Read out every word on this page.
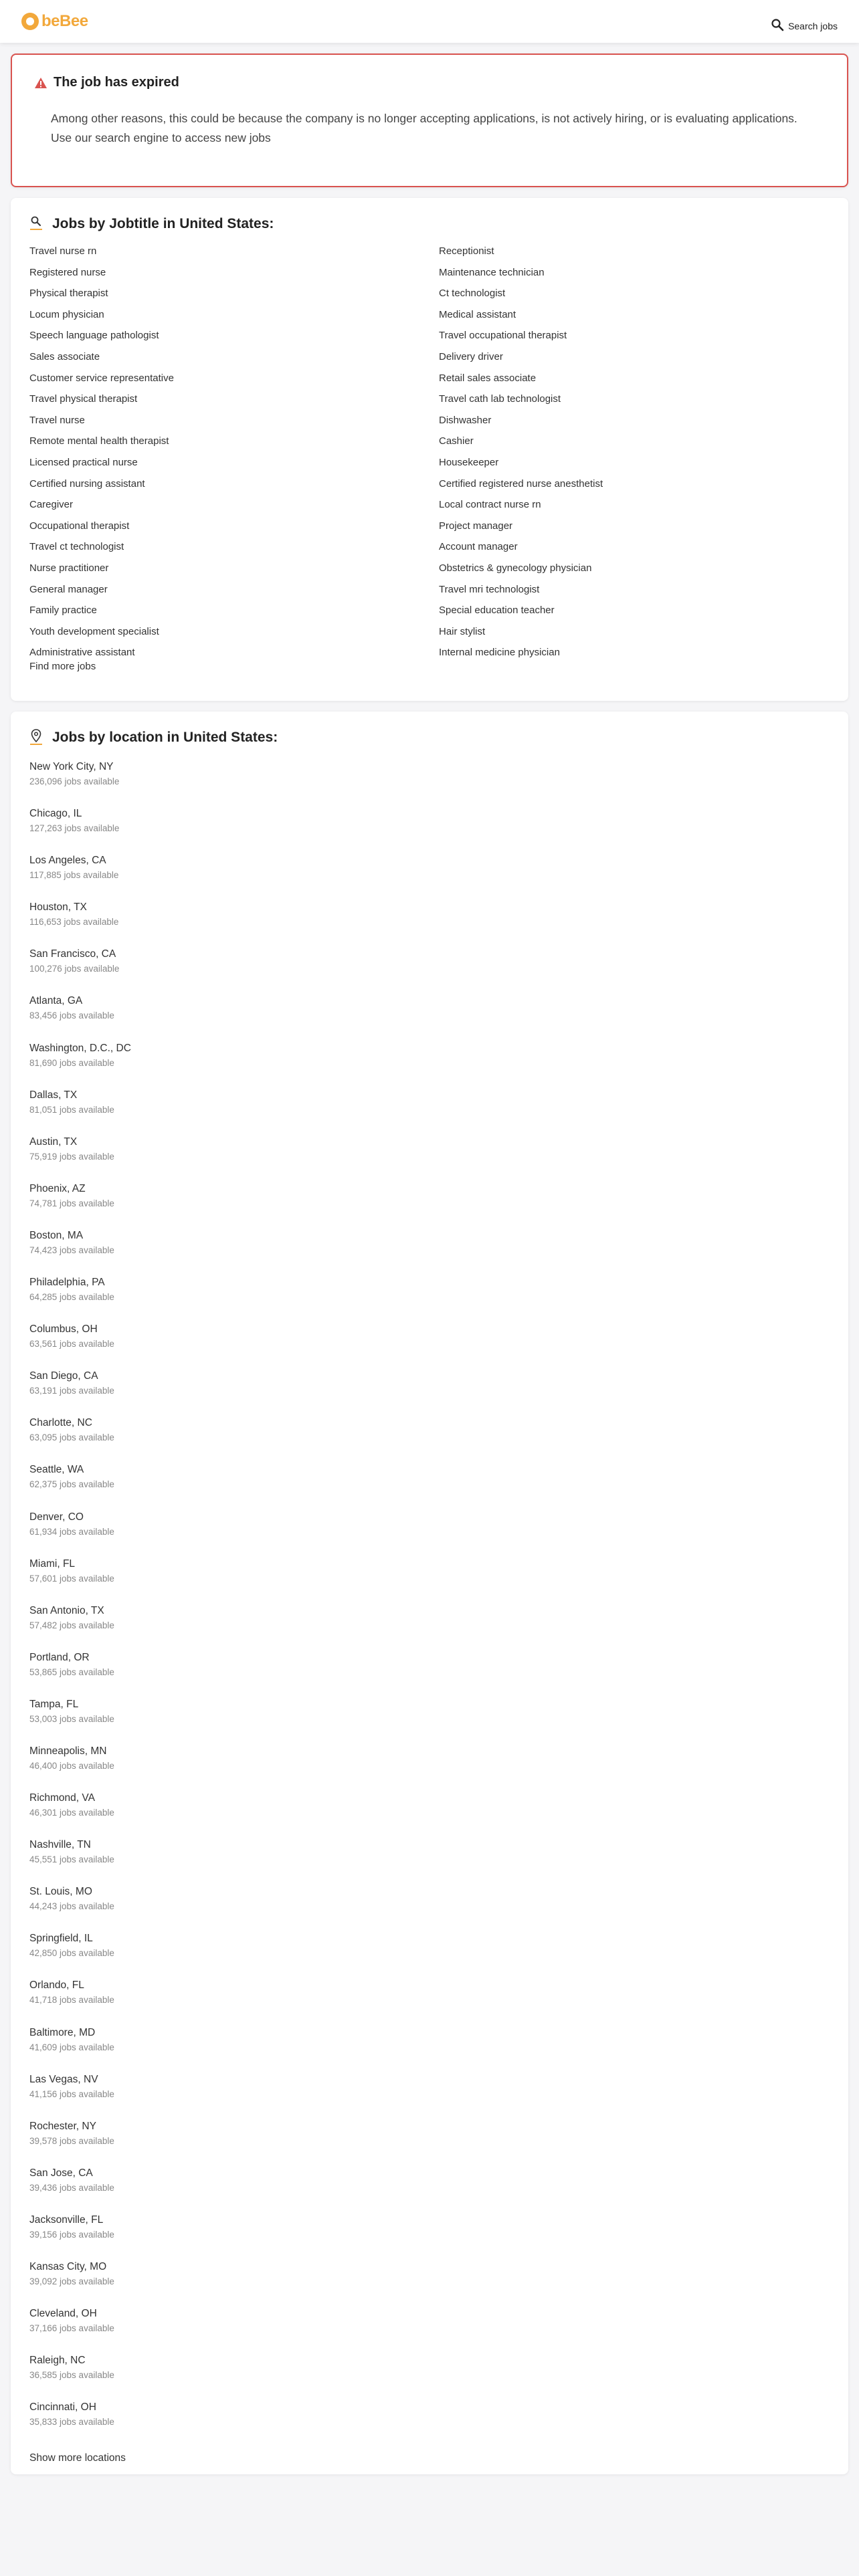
beBee	Search jobs
The job has expired

Among other reasons, this could be because the company is no longer accepting applications, is not actively hiring, or is evaluating applications. Use our search engine to access new jobs

Jobs by Jobtitle in United States:
Travel nurse rn	Receptionist
Registered nurse	Maintenance technician
Physical therapist	Ct technologist
Locum physician	Medical assistant
Speech language pathologist	Travel occupational therapist
Sales associate	Delivery driver
Customer service representative	Retail sales associate
Travel physical therapist	Travel cath lab technologist
Travel nurse	Dishwasher
Remote mental health therapist	Cashier
Licensed practical nurse	Housekeeper
Certified nursing assistant	Certified registered nurse anesthetist
Caregiver	Local contract nurse rn
Occupational therapist	Project manager
Travel ct technologist	Account manager
Nurse practitioner	Obstetrics & gynecology physician
General manager	Travel mri technologist
Family practice	Special education teacher
Youth development specialist	Hair stylist
Administrative assistant	Internal medicine physician
Find more jobs
Jobs by location in United States:
New York City, NY
236,096 jobs available
Chicago, IL
127,263 jobs available
Los Angeles, CA
117,885 jobs available
Houston, TX
116,653 jobs available
San Francisco, CA
100,276 jobs available
Atlanta, GA
83,456 jobs available
Washington, D.C., DC
81,690 jobs available
Dallas, TX
81,051 jobs available
Austin, TX
75,919 jobs available
Phoenix, AZ
74,781 jobs available
Boston, MA
74,423 jobs available
Philadelphia, PA
64,285 jobs available
Columbus, OH
63,561 jobs available
San Diego, CA
63,191 jobs available
Charlotte, NC
63,095 jobs available
Seattle, WA
62,375 jobs available
Denver, CO
61,934 jobs available
Miami, FL
57,601 jobs available
San Antonio, TX
57,482 jobs available
Portland, OR
53,865 jobs available
Tampa, FL
53,003 jobs available
Minneapolis, MN
46,400 jobs available
Richmond, VA
46,301 jobs available
Nashville, TN
45,551 jobs available
St. Louis, MO
44,243 jobs available
Springfield, IL
42,850 jobs available
Orlando, FL
41,718 jobs available
Baltimore, MD
41,609 jobs available
Las Vegas, NV
41,156 jobs available
Rochester, NY
39,578 jobs available
San Jose, CA
39,436 jobs available
Jacksonville, FL
39,156 jobs available
Kansas City, MO
39,092 jobs available
Cleveland, OH
37,166 jobs available
Raleigh, NC
36,585 jobs available
Cincinnati, OH
35,833 jobs available
Show more locations
